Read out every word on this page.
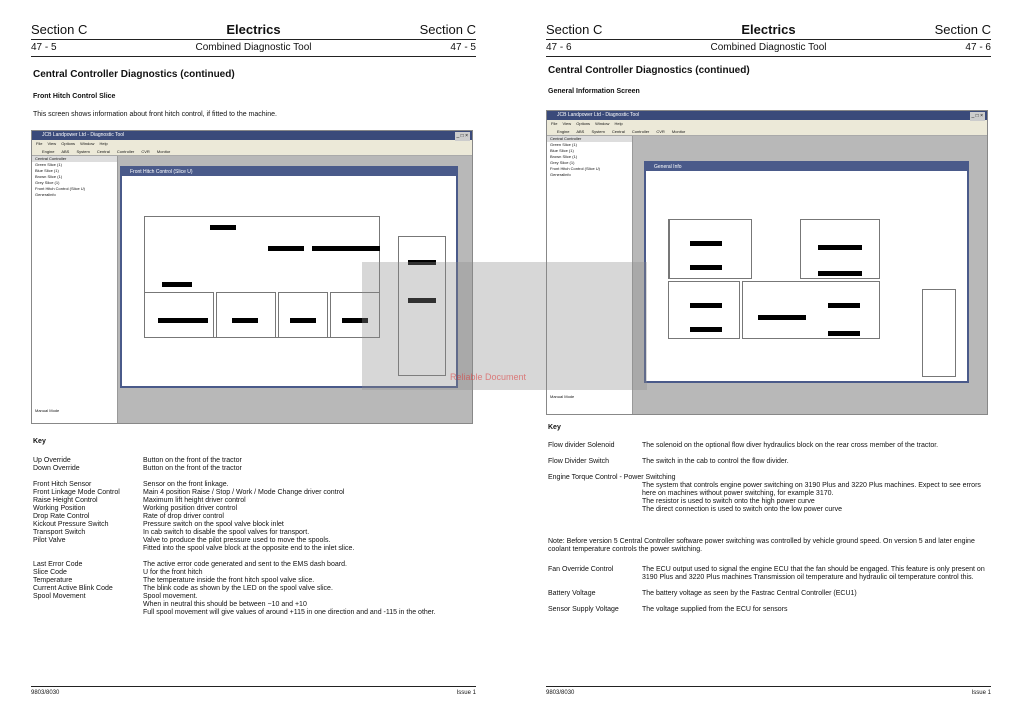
Section C	Electrics	Section C
47 - 5	Combined Diagnostic Tool	47 - 5
Central Controller Diagnostics (continued)
Front Hitch Control Slice
This screen shows information about front hitch control, if fitted to the machine.
JCB Landpower Ltd - Diagnostic Tool	_ □ ×
File View Options Window Help
Engine ABS System Central Controller CVR Monitor
Central Controller
Green Slice (1)
Blue Slice (1)
Brown Slice (1)
Grey Slice (1)
Front Hitch Control (Slice U)
Generalinfo
Manual Mode
Front Hitch Control (Slice U)
Key
Up Override	Button on the front of the tractor
Down Override	Button on the front of the tractor
Front Hitch Sensor	Sensor on the front linkage.
Front Linkage Mode Control	Main 4 position Raise / Stop / Work / Mode Change driver control
Raise Height Control	Maximum lift height driver control
Working Position	Working position driver control
Drop Rate Control	Rate of drop driver control
Kickout Pressure Switch	Pressure switch on the spool valve block inlet
Transport Switch	In cab switch to disable the spool valves for transport.
Pilot Valve	Valve to produce the pilot pressure used to move the spools.
Fitted into the spool valve block at the opposite end to the inlet slice.
Last Error Code	The active error code generated and sent to the EMS dash board.
Slice Code	U for the front hitch
Temperature	The temperature inside the front hitch spool valve slice.
Current Active Blink Code	The blink code as shown by the LED on the spool valve slice.
Spool Movement	Spool movement.
When in neutral this should be between −10 and +10
Full spool movement will give values of around +115 in one direction and and -115 in the other.
9803/8030	Issue 1
Section C	Electrics	Section C
47 - 6	Combined Diagnostic Tool	47 - 6
Central Controller Diagnostics (continued)
General Information Screen
JCB Landpower Ltd - Diagnostic Tool	_ □ ×
File View Options Window Help
Engine ABS System Central Controller CVR Monitor
Central Controller
Green Slice (1)
Blue Slice (1)
Brown Slice (1)
Grey Slice (1)
Front Hitch Control (Slice U)
Generalinfo
Manual Mode
General Info
Key
Flow divider Solenoid	The solenoid on the optional flow diver hydraulics block on the rear cross member of the tractor.
Flow Divider Switch	The switch in the cab to control the flow divider.
Engine Torque Control - Power Switching
The system that controls engine power switching on 3190 Plus and 3220 Plus machines. Expect to see errors here on machines without power switching, for example 3170.
The resistor is used to switch onto the high power curve
The direct connection is used to switch onto the low power curve
Note: Before version 5 Central Controller software power switching was controlled by vehicle ground speed. On version 5 and later engine coolant temperature controls the power switching.
Fan Override Control	The ECU output used to signal the engine ECU that the fan should be engaged. This feature is only present on 3190 Plus and 3220 Plus machines Transmission oil temperature and hydraulic oil temperature control this.
Battery Voltage	The battery voltage as seen by the Fastrac Central Controller (ECU1)
Sensor Supply Voltage	The voltage supplied from the ECU for sensors
9803/8030	Issue 1
Reliable Document
